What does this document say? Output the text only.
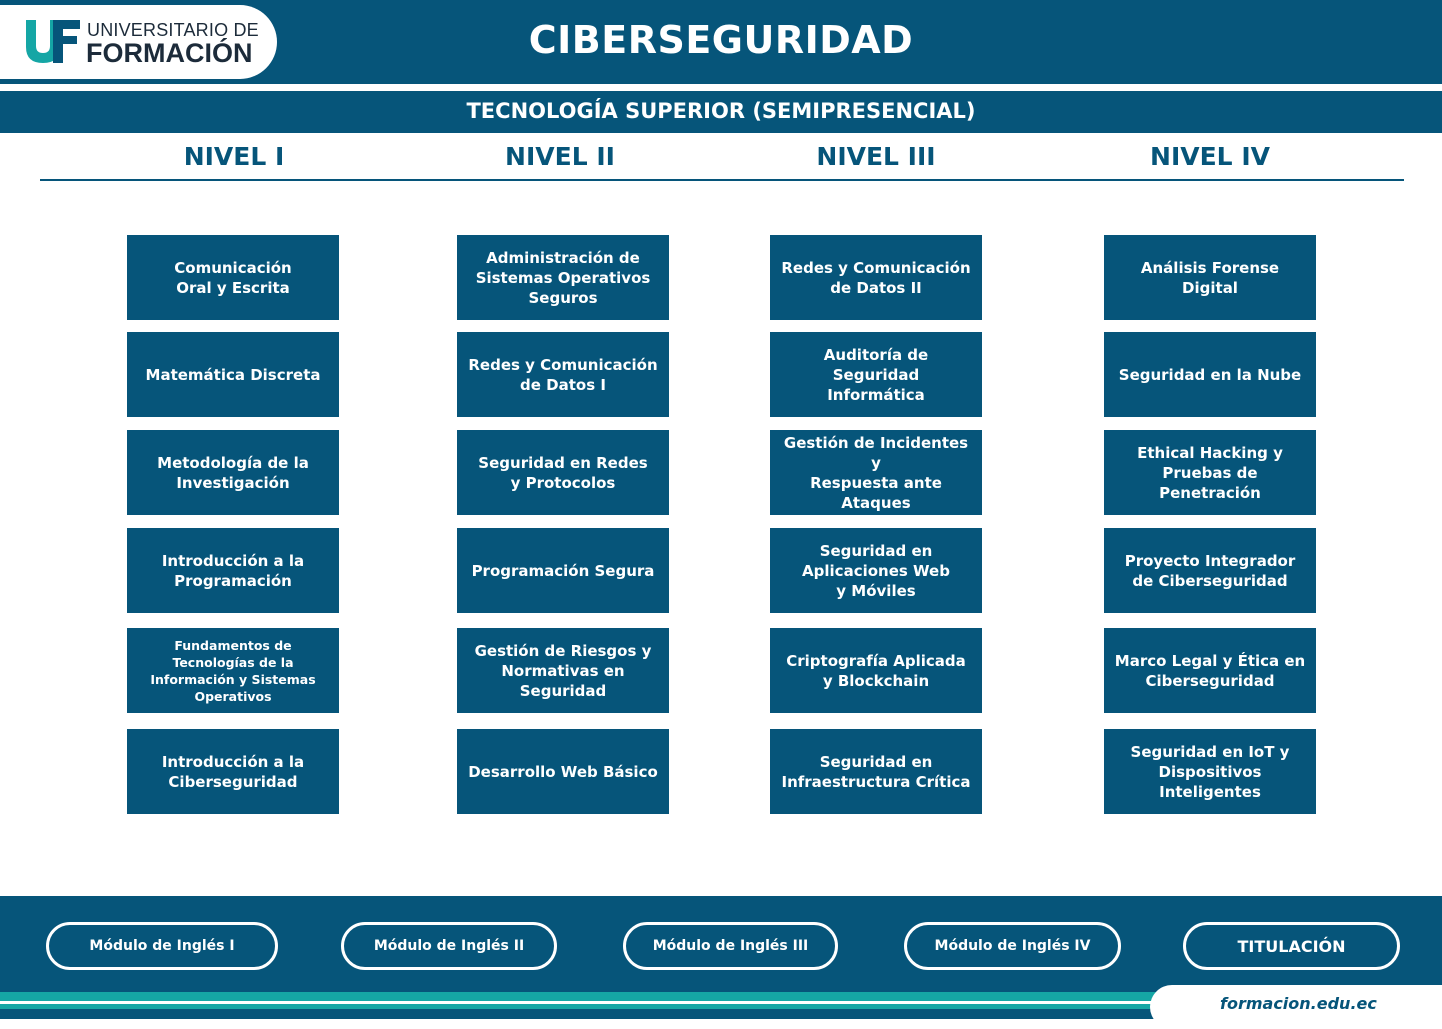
UNIVERSITARIO DE
FORMACIÓN	CIBERSEGURIDAD
TECNOLOGÍA SUPERIOR (SEMIPRESENCIAL)
NIVEL I	NIVEL II	NIVEL III	NIVEL IV
Comunicación
Oral y Escrita
Matemática Discreta
Metodología de la
Investigación
Introducción a la
Programación
Fundamentos de
Tecnologías de la
Información y Sistemas
Operativos
Introducción a la
Ciberseguridad
Administración de
Sistemas Operativos
Seguros
Redes y Comunicación
de Datos I
Seguridad en Redes
y Protocolos
Programación Segura
Gestión de Riesgos y
Normativas en Seguridad
Desarrollo Web Básico
Redes y Comunicación
de Datos II
Auditoría de Seguridad
Informática
Gestión de Incidentes y
Respuesta ante Ataques
Seguridad en
Aplicaciones Web
y Móviles
Criptografía Aplicada
y Blockchain
Seguridad en
Infraestructura Crítica
Análisis Forense
Digital
Seguridad en la Nube
Ethical Hacking y
Pruebas de Penetración
Proyecto Integrador
de Ciberseguridad
Marco Legal y Ética en
Ciberseguridad
Seguridad en IoT y
Dispositivos Inteligentes
Módulo de Inglés I	Módulo de Inglés II	Módulo de Inglés III	Módulo de Inglés IV	TITULACIÓN
formacion.edu.ec
